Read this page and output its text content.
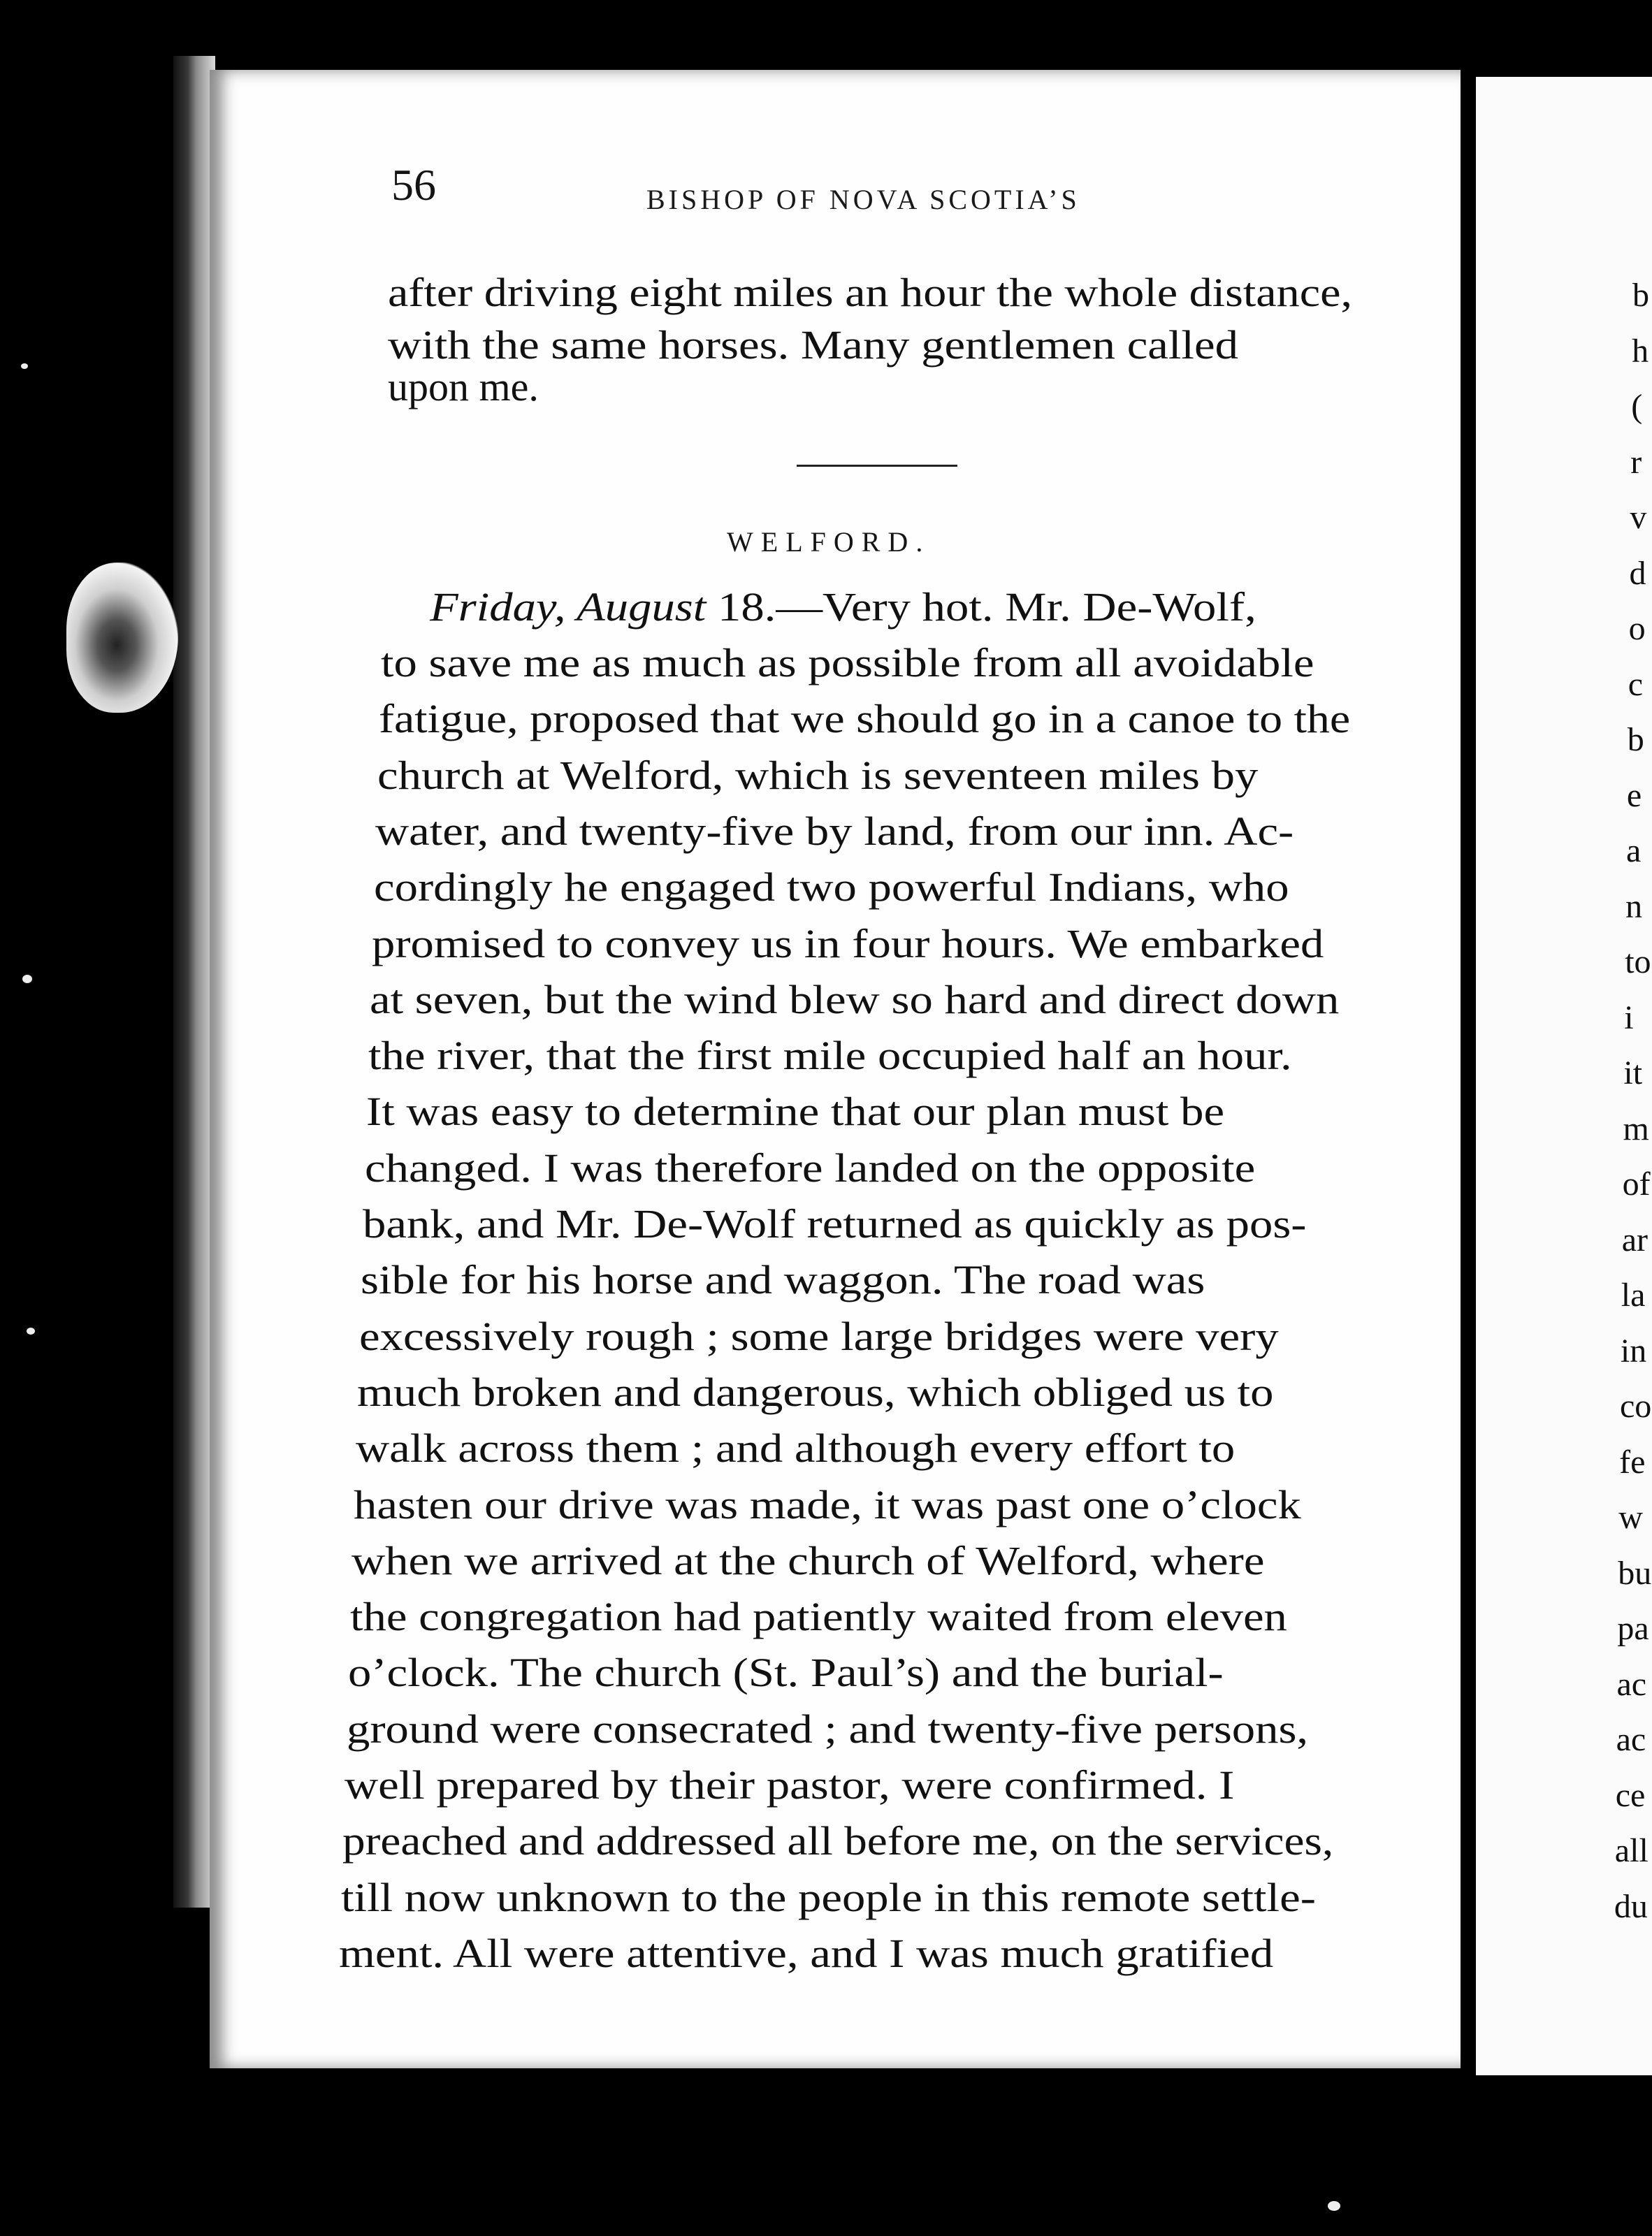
56	BISHOP OF NOVA SCOTIA’S
after driving eight miles an hour the whole distance,
with the same horses. Many gentlemen called
upon me.
WELFORD.
Friday, August 18.—Very hot. Mr. De-Wolf,
to save me as much as possible from all avoidable
fatigue, proposed that we should go in a canoe to the
church at Welford, which is seventeen miles by
water, and twenty-five by land, from our inn. Ac-
cordingly he engaged two powerful Indians, who
promised to convey us in four hours. We embarked
at seven, but the wind blew so hard and direct down
the river, that the first mile occupied half an hour.
It was easy to determine that our plan must be
changed. I was therefore landed on the opposite
bank, and Mr. De-Wolf returned as quickly as pos-
sible for his horse and waggon. The road was
excessively rough ; some large bridges were very
much broken and dangerous, which obliged us to
walk across them ; and although every effort to
hasten our drive was made, it was past one o’clock
when we arrived at the church of Welford, where
the congregation had patiently waited from eleven
o’clock. The church (St. Paul’s) and the burial-
ground were consecrated ; and twenty-five persons,
well prepared by their pastor, were confirmed. I
preached and addressed all before me, on the services,
till now unknown to the people in this remote settle-
ment. All were attentive, and I was much gratified
b
h
(
r
v
d
o
c
b
e
a
n
to
i
it
m
of
ar
la
in
co
fe
w
bu
pa
ac
ac
ce
all
du
